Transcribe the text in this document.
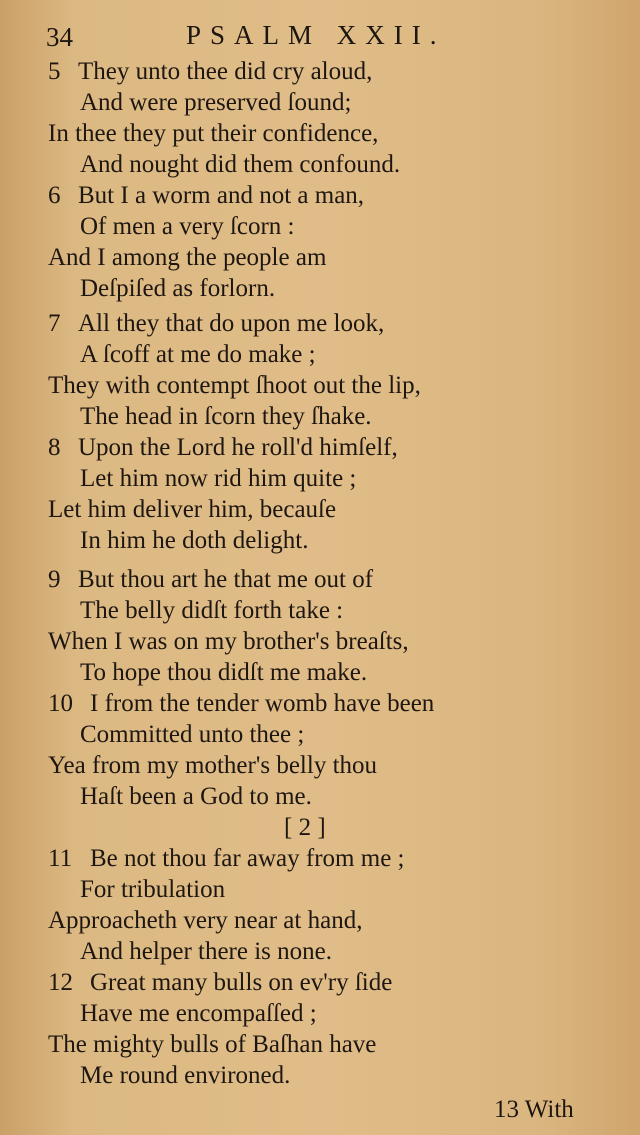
34	PSALM XXII.
5 They unto thee did cry aloud,
And were preserved ſound;
In thee they put their confidence,
And nought did them confound.
6 But I a worm and not a man,
Of men a very ſcorn :
And I among the people am
Deſpiſed as forlorn.
7 All they that do upon me look,
A ſcoff at me do make ;
They with contempt ſhoot out the lip,
The head in ſcorn they ſhake.
8 Upon the Lord he roll'd himſelf,
Let him now rid him quite ;
Let him deliver him, becauſe
In him he doth delight.
9 But thou art he that me out of
The belly didſt forth take :
When I was on my brother's breaſts,
To hope thou didſt me make.
10 I from the tender womb have been
Committed unto thee ;
Yea from my mother's belly thou
Haſt been a God to me.
[ 2 ]
11 Be not thou far away from me ;
For tribulation
Approacheth very near at hand,
And helper there is none.
12 Great many bulls on ev'ry ſide
Have me encompaſſed ;
The mighty bulls of Baſhan have
Me round environed.
13 With
